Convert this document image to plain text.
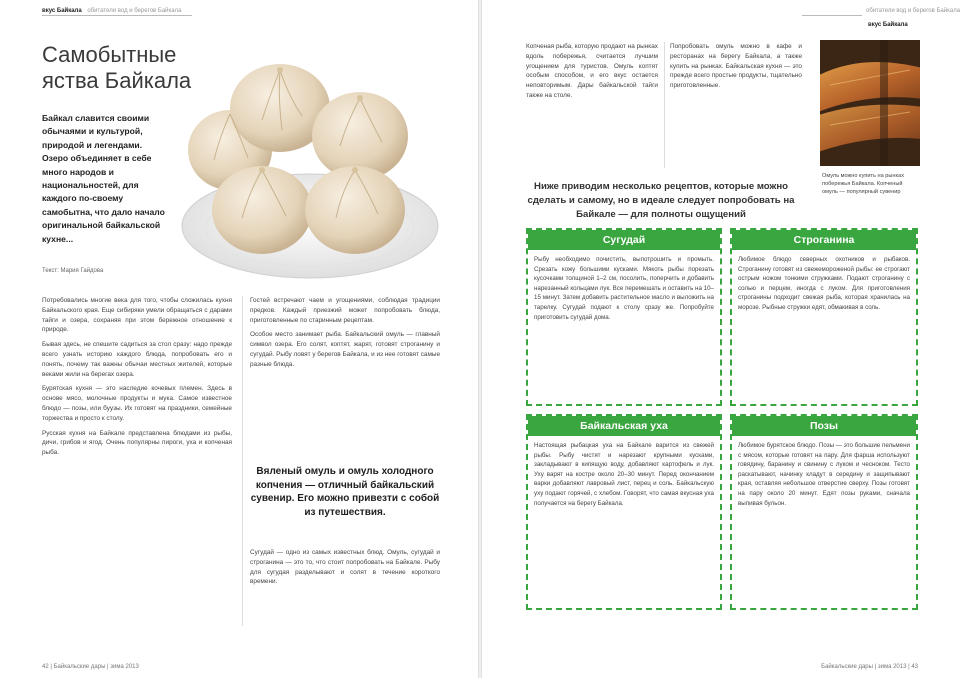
вкус Байкала обитатели вод и берегов Байкала
Самобытные
яства Байкала

Байкал славится своими обычаями и культурой, природой и легендами. Озеро объединяет в себе много народов и национальностей, для каждого по-своему самобытна, что дало начало оригинальной байкальской кухне...

Текст: Мария Гайдова

Потребовались многие века для того, чтобы сложилась кухня Байкальского края. Еще сибиряки умели обращаться с дарами тайги и озера, сохраняя при этом бережное отношение к природе.

Бывая здесь, не спешите садиться за стол сразу: надо прежде всего узнать историю каждого блюда, попробовать его и понять, почему так важны обычаи местных жителей, которые веками жили на берегах озера.

Бурятская кухня — это наследие кочевых племен. Здесь в основе мясо, молочные продукты и мука. Самое известное блюдо — позы, или буузы. Их готовят на праздники, семейные торжества и просто к столу.

Русская кухня на Байкале представлена блюдами из рыбы, дичи, грибов и ягод. Очень популярны пироги, уха и копченая рыба.

Гостей встречают чаем и угощениями, соблюдая традиции предков. Каждый приезжий может попробовать блюда, приготовленные по старинным рецептам.

Особое место занимает рыба. Байкальский омуль — главный символ озера. Его солят, коптят, жарят, готовят строганину и сугудай. Рыбу ловят у берегов Байкала, и из нее готовят самые разные блюда.

Вяленый омуль и омуль холодного копчения — отличный байкальский сувенир. Его можно привезти с собой из путешествия.

Сугудай — одно из самых известных блюд. Омуль, сугудай и строганина — это то, что стоит попробовать на Байкале. Рыбу для сугудая разделывают и солят в течение короткого времени.

42 | Байкальские дары | зима 2013
обитатели вод и берегов Байкала
вкус Байкала

Копченая рыба, которую продают на рынках вдоль побережья, считается лучшим угощением для туристов. Омуль коптят особым способом, и его вкус остается неповторимым. Дары байкальской тайги также на столе.

Попробовать омуль можно в кафе и ресторанах на берегу Байкала, а также купить на рынках. Байкальская кухня — это прежде всего простые продукты, тщательно приготовленные.

Омуль можно купить на рынках побережья Байкала. Копченый омуль — популярный сувенир

Ниже приводим несколько рецептов, которые можно сделать и самому, но в идеале следует попробовать на Байкале — для полноты ощущений

Сугудай
Рыбу необходимо почистить, выпотрошить и промыть. Срезать кожу большими кусками. Мякоть рыбы порезать кусочками толщиной 1–2 см, посолить, поперчить и добавить нарезанный кольцами лук. Все перемешать и оставить на 10–15 минут. Затем добавить растительное масло и выложить на тарелку. Сугудай подают к столу сразу же. Попробуйте приготовить сугудай дома.
Строганина
Любимое блюдо северных охотников и рыбаков. Строганину готовят из свежемороженой рыбы: ее строгают острым ножом тонкими стружками. Подают строганину с солью и перцем, иногда с луком. Для приготовления строганины подходит свежая рыба, которая хранилась на морозе. Рыбные стружки едят, обмакивая в соль.
Байкальская уха
Настоящая рыбацкая уха на Байкале варится из свежей рыбы. Рыбу чистят и нарезают крупными кусками, закладывают в кипящую воду, добавляют картофель и лук. Уху варят на костре около 20–30 минут. Перед окончанием варки добавляют лавровый лист, перец и соль. Байкальскую уху подают горячей, с хлебом. Говорят, что самая вкусная уха получается на берегу Байкала.
Позы
Любимое бурятское блюдо. Позы — это большие пельмени с мясом, которые готовят на пару. Для фарша используют говядину, баранину и свинину с луком и чесноком. Тесто раскатывают, начинку кладут в середину и защипывают края, оставляя небольшое отверстие сверху. Позы готовят на пару около 20 минут. Едят позы руками, сначала выпивая бульон.
Байкальские дары | зима 2013 | 43
